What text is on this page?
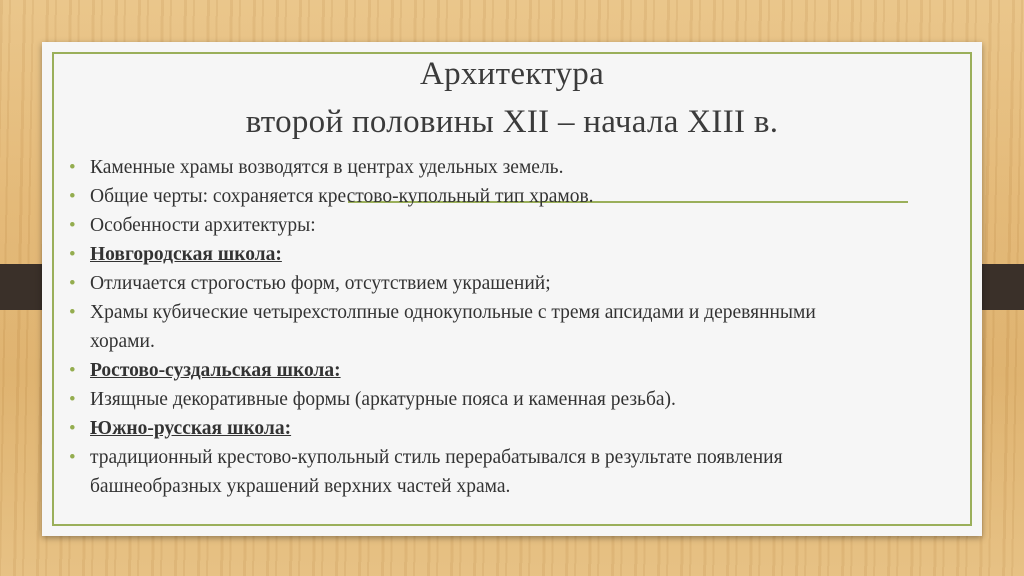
Архитектура
второй половины XII – начала XIII в.
• Каменные храмы возводятся в центрах удельных земель.
• Общие черты: сохраняется крестово-купольный тип храмов.
• Особенности архитектуры:
• Новгородская школа:
• Отличается строгостью форм, отсутствием украшений;
• Храмы кубические четырехстолпные однокупольные с тремя апсидами и деревянными хорами.
• Ростово-суздальская школа:
• Изящные декоративные формы (аркатурные пояса и каменная резьба).
• Южно-русская школа:
• традиционный крестово-купольный стиль перерабатывался в результате появления башнеобразных украшений верхних частей храма.
